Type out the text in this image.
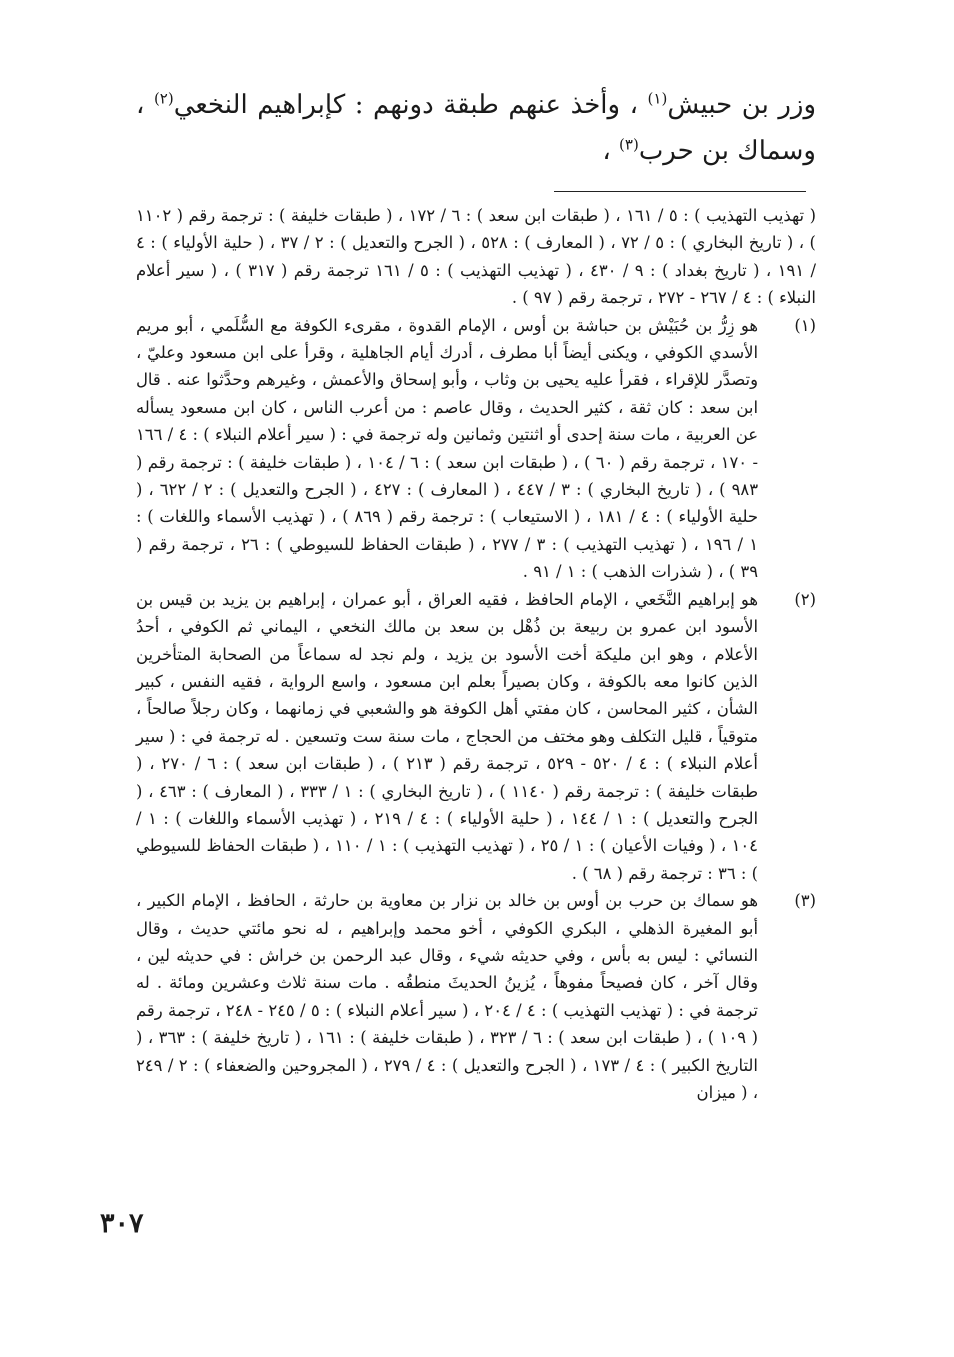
وزر بن حبيش$^{(١)}$ ، وأخذ عنهم طبقة دونهم : كإبراهيم النخعي$^{(٢)}$ ، وسماك بن حرب$^{(٣)}$ ،

( تهذيب التهذيب ) : ٥ / ١٦١ ، ( طبقات ابن سعد ) : ٦ / ١٧٢ ، ( طبقات خليفة ) : ترجمة رقم ( ١١٠٢ ) ، ( تاريخ البخاري ) : ٥ / ٧٢ ، ( المعارف ) : ٥٢٨ ، ( الجرح والتعديل ) : ٢ / ٣٧ ، ( حلية الأولياء ) : ٤ / ١٩١ ، ( تاريخ بغداد ) : ٩ / ٤٣٠ ، ( تهذيب التهذيب ) : ٥ / ١٦١ ترجمة رقم ( ٣١٧ ) ، ( سير أعلام النبلاء ) : ٤ / ٢٦٧ - ٢٧٢ ، ترجمة رقم ( ٩٧ ) .

(١)
هو زِرُّ بن حُبَيْش بن حباشة بن أوس ، الإمام القدوة ، مقرىء الكوفة مع السُّلَمي ، أبو مريم الأسدي الكوفي ، ويكنى أيضاً أبا مطرف ، أدرك أيام الجاهلية ، وقرأ على ابن مسعود وعليّ ، وتصدَّر للإقراء ، فقرأ عليه يحيى بن وثاب ، وأبو إسحاق والأعمش ، وغيرهم وحدَّثوا عنه . قال ابن سعد : كان ثقة ، كثير الحديث ، وقال عاصم : من أعرب الناس ، كان ابن مسعود يسأله عن العربية ، مات سنة إحدى أو اثنتين وثمانين وله ترجمة في : ( سير أعلام النبلاء ) : ٤ / ١٦٦ - ١٧٠ ، ترجمة رقم ( ٦٠ ) ، ( طبقات ابن سعد ) : ٦ / ١٠٤ ، ( طبقات خليفة ) : ترجمة رقم ( ٩٨٣ ) ، ( تاريخ البخاري ) : ٣ / ٤٤٧ ، ( المعارف ) : ٤٢٧ ، ( الجرح والتعديل ) : ٢ / ٦٢٢ ، ( حلية الأولياء ) : ٤ / ١٨١ ، ( الاستيعاب ) : ترجمة رقم ( ٨٦٩ ) ، ( تهذيب الأسماء واللغات ) : ١ / ١٩٦ ، ( تهذيب التهذيب ) : ٣ / ٢٧٧ ، ( طبقات الحفاظ للسيوطي ) : ٢٦ ، ترجمة رقم ( ٣٩ ) ، ( شذرات الذهب ) : ١ / ٩١ .
(٢)
هو إبراهيم النَّخَعي ، الإمام الحافظ ، فقيه العراق ، أبو عمران ، إبراهيم بن يزيد بن قيس بن الأسود ابن عمرو بن ربيعة بن ذُهْل بن سعد بن مالك النخعي ، اليماني ثم الكوفي ، أحدُ الأعلام ، وهو ابن مليكة أخت الأسود بن يزيد ، ولم نجد له سماعاً من الصحابة المتأخرين الذين كانوا معه بالكوفة ، وكان بصيراً بعلم ابن مسعود ، واسع الرواية ، فقيه النفس ، كبير الشأن ، كثير المحاسن ، كان مفتي أهل الكوفة هو والشعبي في زمانهما ، وكان رجلاً صالحاً ، متوقياً ، قليل التكلف وهو مختف من الحجاج ، مات سنة ست وتسعين . له ترجمة في : ( سير أعلام النبلاء ) : ٤ / ٥٢٠ - ٥٢٩ ، ترجمة رقم ( ٢١٣ ) ، ( طبقات ابن سعد ) : ٦ / ٢٧٠ ، ( طبقات خليفة ) : ترجمة رقم ( ١١٤٠ ) ، ( تاريخ البخاري ) : ١ / ٣٣٣ ، ( المعارف ) : ٤٦٣ ، ( الجرح والتعديل ) : ١ / ١٤٤ ، ( حلية الأولياء ) : ٤ / ٢١٩ ، ( تهذيب الأسماء واللغات ) : ١ / ١٠٤ ، ( وفيات الأعيان ) : ١ / ٢٥ ، ( تهذيب التهذيب ) : ١ / ١١٠ ، ( طبقات الحفاظ للسيوطي ) : ٣٦ : ترجمة رقم ( ٦٨ ) .
(٣)
هو سماك بن حرب بن أوس بن خالد بن نزار بن معاوية بن حارثة ، الحافظ ، الإمام الكبير ، أبو المغيرة الذهلي ، البكري الكوفي ، أخو محمد وإبراهيم ، له نحو مائتي حديث ، وقال النسائي : ليس به بأس ، وفي حديثه شيء ، وقال عبد الرحمن بن خراش : في حديثه لين ، وقال آخر ، كان فصيحاً مفوهاً ، يُزينُ الحديثَ منطقُه . مات سنة ثلاث وعشرين ومائة . له ترجمة في : ( تهذيب التهذيب ) : ٤ / ٢٠٤ ، ( سير أعلام النبلاء ) : ٥ / ٢٤٥ - ٢٤٨ ، ترجمة رقم ( ١٠٩ ) ، ( طبقات ابن سعد ) : ٦ / ٣٢٣ ، ( طبقات خليفة ) : ١٦١ ، ( تاريخ خليفة ) : ٣٦٣ ، ( التاريخ الكبير ) : ٤ / ١٧٣ ، ( الجرح والتعديل ) : ٤ / ٢٧٩ ، ( المجروحين والضعفاء ) : ٢ / ٢٤٩ ، ( ميزان
٣٠٧
